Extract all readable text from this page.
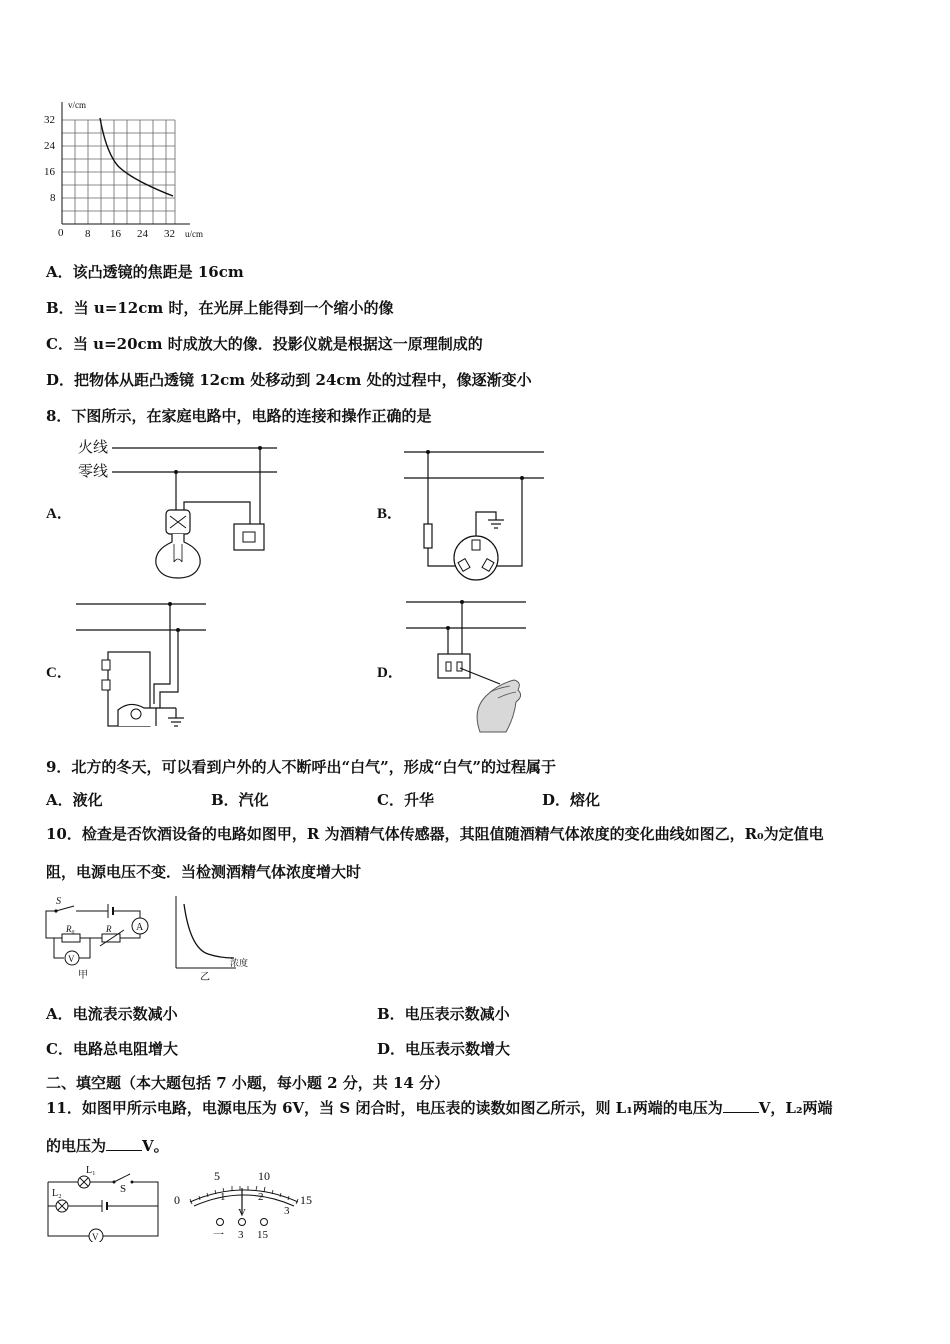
v/cm
32
24
16
8
0 8 16 24 32 u/cm
A．该凸透镜的焦距是 16cm
B．当 u=12cm 时，在光屏上能得到一个缩小的像
C．当 u=20cm 时成放大的像．投影仪就是根据这一原理制成的
D．把物体从距凸透镜 12cm 处移动到 24cm 处的过程中，像逐渐变小
8．下图所示，在家庭电路中，电路的连接和操作正确的是
A．	B．
C．	D．
火线
零线
9．北方的冬天，可以看到户外的人不断呼出“白气”，形成“白气”的过程属于
A．液化	B．汽化	C．升华	D．熔化
10．检查是否饮酒设备的电路如图甲，R 为酒精气体传感器，其阻值随酒精气体浓度的变化曲线如图乙，R₀为定值电
阻，电源电压不变．当检测酒精气体浓度增大时
S
A
R₀	R
V
甲	乙
浓度
A．电流表示数减小	B．电压表示数减小
C．电路总电阻增大	D．电压表示数增大
二、填空题（本大题包括 7 小题，每小题 2 分，共 14 分）
11．如图甲所示电路，电源电压为 6V，当 S 闭合时，电压表的读数如图乙所示，则 L₁两端的电压为 V，L₂两端
的电压为 V。
L₁
L₂	S
V
0
5	10
15
1	2
3
V
一 3 15
